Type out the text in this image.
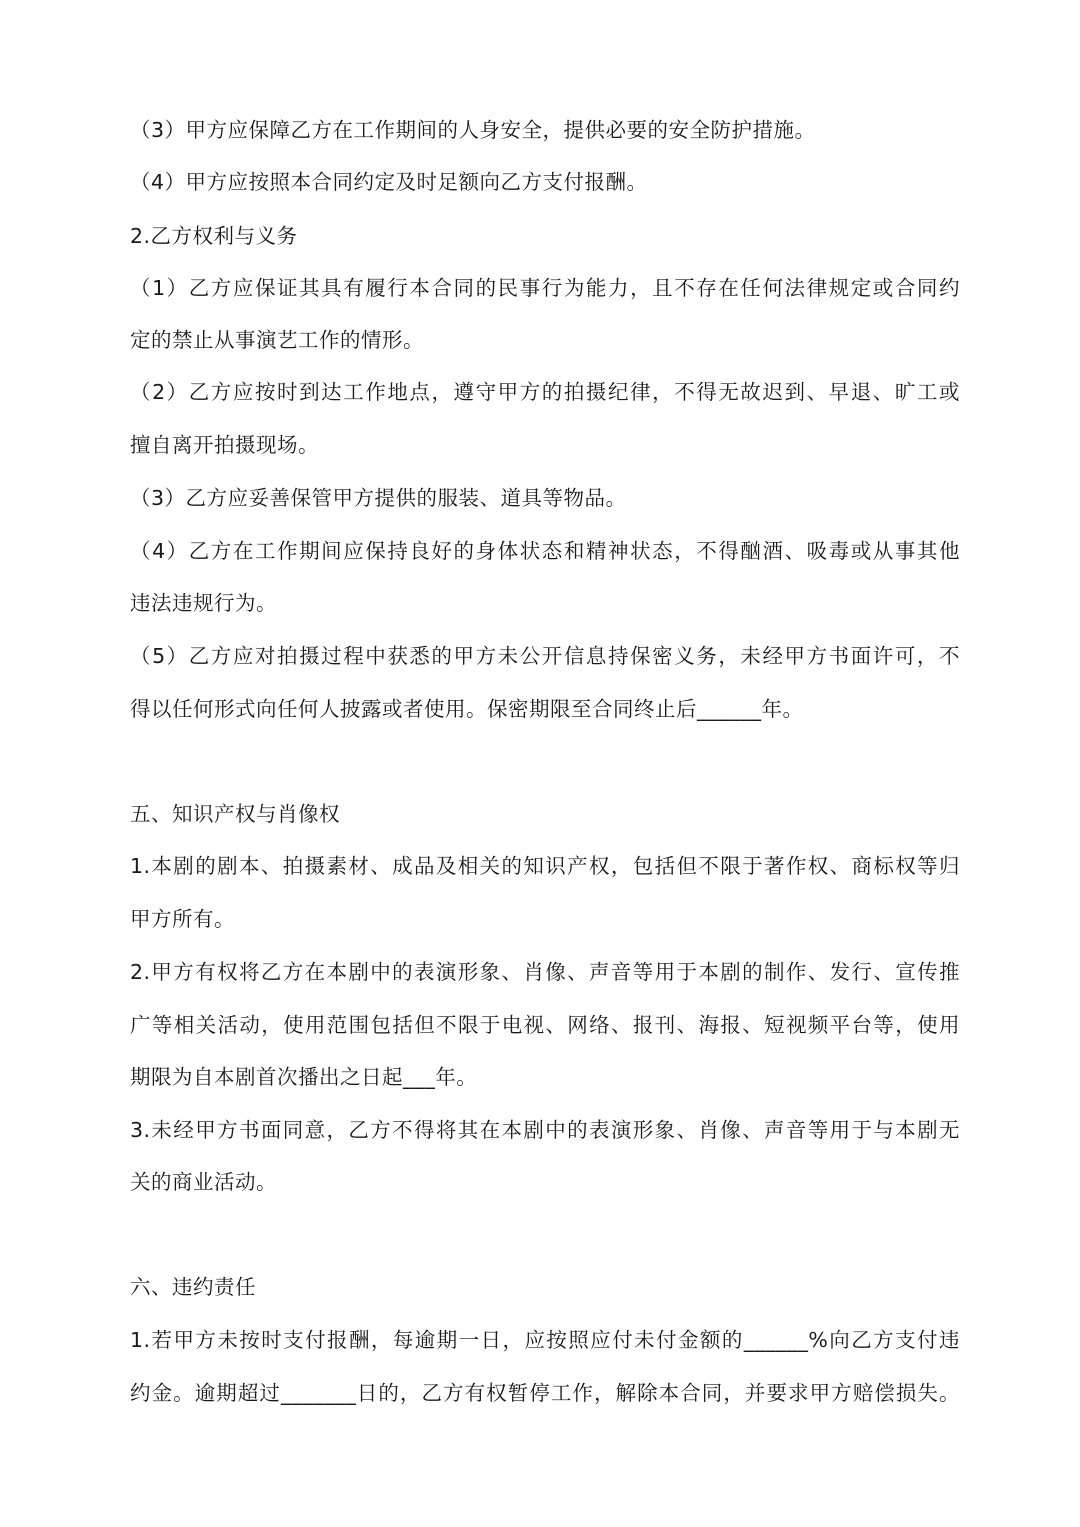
（3）甲方应保障乙方在工作期间的人身安全，提供必要的安全防护措施。
（4）甲方应按照本合同约定及时足额向乙方支付报酬。
2.乙方权利与义务
（1）乙方应保证其具有履行本合同的民事行为能力，且不存在任何法律规定或合同约
定的禁止从事演艺工作的情形。
（2）乙方应按时到达工作地点，遵守甲方的拍摄纪律，不得无故迟到、早退、旷工或
擅自离开拍摄现场。
（3）乙方应妥善保管甲方提供的服装、道具等物品。
（4）乙方在工作期间应保持良好的身体状态和精神状态，不得酗酒、吸毒或从事其他
违法违规行为。
（5）乙方应对拍摄过程中获悉的甲方未公开信息持保密义务，未经甲方书面许可，不
得以任何形式向任何人披露或者使用。保密期限至合同终止后______年。
五、知识产权与肖像权
1.本剧的剧本、拍摄素材、成品及相关的知识产权，包括但不限于著作权、商标权等归
甲方所有。
2.甲方有权将乙方在本剧中的表演形象、肖像、声音等用于本剧的制作、发行、宣传推
广等相关活动，使用范围包括但不限于电视、网络、报刊、海报、短视频平台等，使用
期限为自本剧首次播出之日起___年。
3.未经甲方书面同意，乙方不得将其在本剧中的表演形象、肖像、声音等用于与本剧无
关的商业活动。
六、违约责任
1.若甲方未按时支付报酬，每逾期一日，应按照应付未付金额的______%向乙方支付违
约金。逾期超过_______日的，乙方有权暂停工作，解除本合同，并要求甲方赔偿损失。
